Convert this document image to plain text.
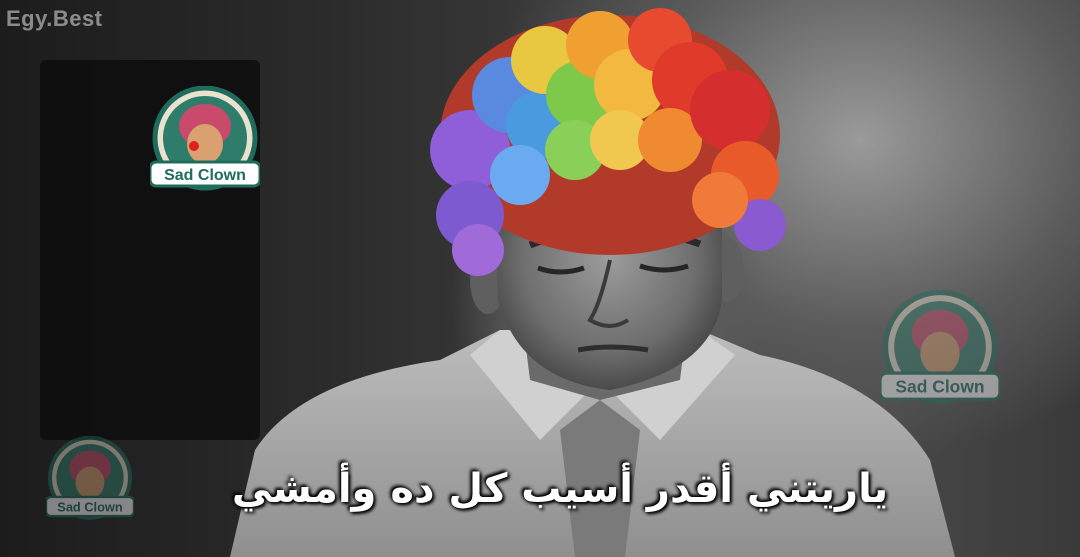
Egy.Best
Sad Clown
Sad Clown
Sad Clown	ياريتني أقدر أسيب كل ده وأمشي
